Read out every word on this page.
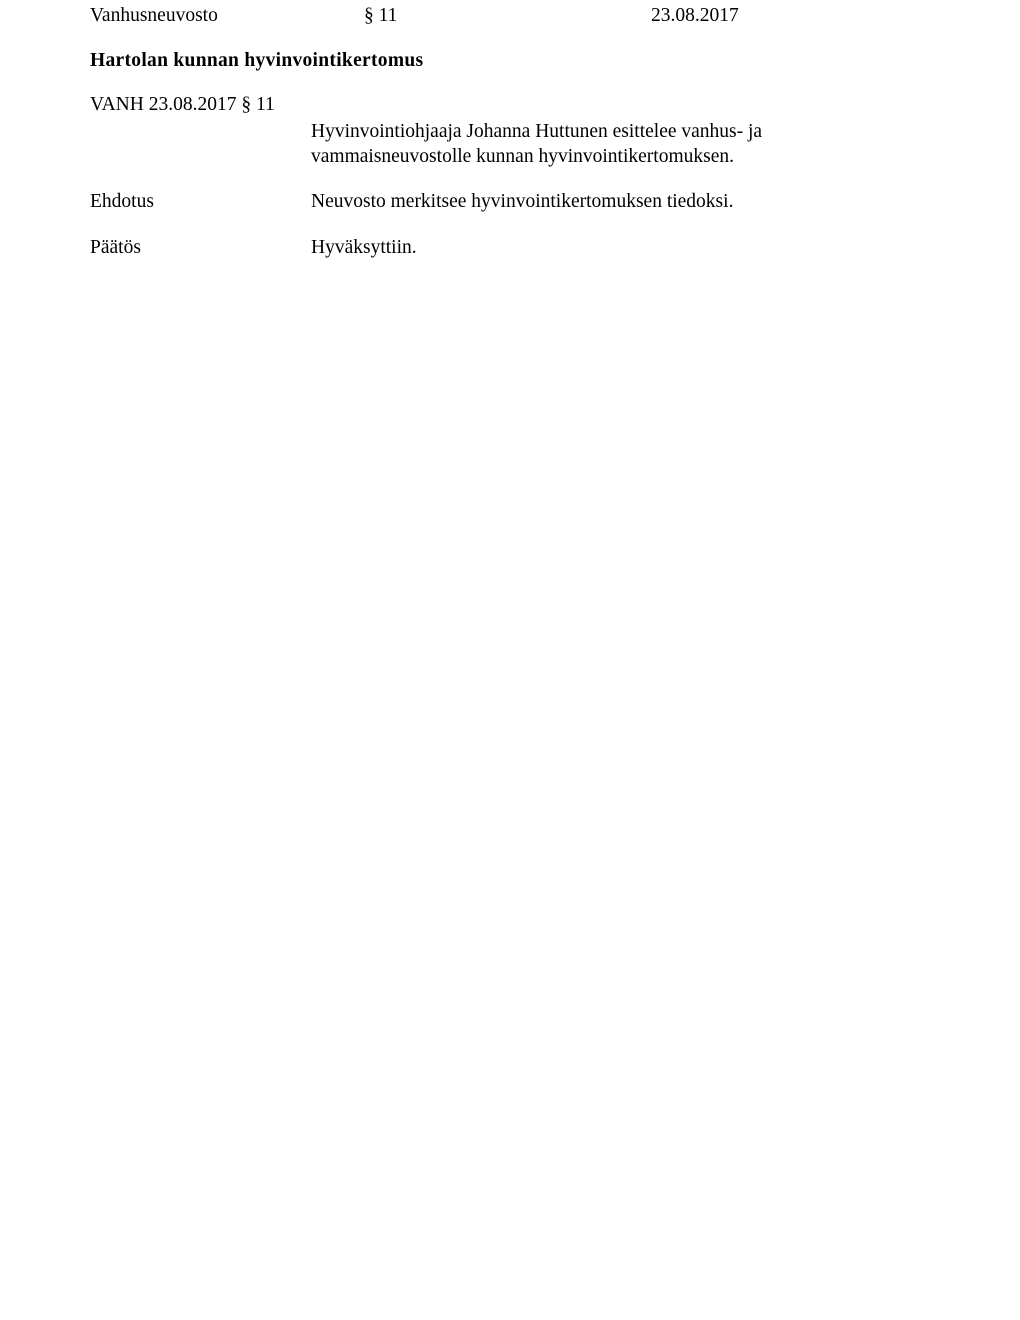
Vanhusneuvosto	§ 11	23.08.2017
Hartolan kunnan hyvinvointikertomus
VANH 23.08.2017 § 11

Hyvinvointiohjaaja Johanna Huttunen esittelee vanhus- ja

vammaisneuvostolle kunnan hyvinvointikertomuksen.

Ehdotus	Neuvosto merkitsee hyvinvointikertomuksen tiedoksi.

Päätös	Hyväksyttiin.
